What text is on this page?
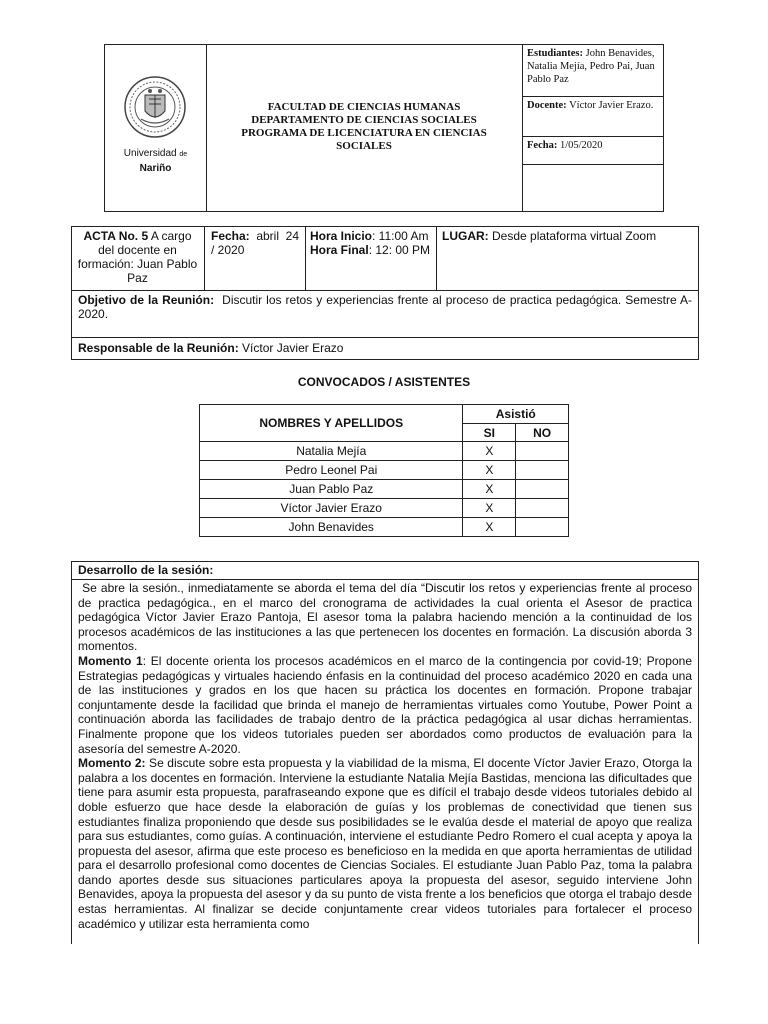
Universidad de
Nariño
FACULTAD DE CIENCIAS HUMANAS
DEPARTAMENTO DE CIENCIAS SOCIALES
PROGRAMA DE LICENCIATURA EN CIENCIAS
SOCIALES
Estudiantes: John Benavides, Natalia Mejía, Pedro Pai, Juan Pablo Paz
Docente: Víctor Javier Erazo.
Fecha: 1/05/2020
ACTA No. 5 A cargo del docente en formación: Juan Pablo Paz
Fecha: abril 24 / 2020
Hora Inicio: 11:00 Am
Hora Final: 12: 00 PM
LUGAR: Desde plataforma virtual Zoom
Objetivo de la Reunión: Discutir los retos y experiencias frente al proceso de practica pedagógica. Semestre A-2020.
Responsable de la Reunión: Víctor Javier Erazo
CONVOCADOS / ASISTENTES
NOMBRES Y APELLIDOS	Asistió	
	SI	NO
Natalia Mejía	X	
Pedro Leonel Pai	X	
Juan Pablo Paz	X	
Víctor Javier Erazo	X	
John Benavides	X	
Desarrollo de la sesión:

Se abre la sesión., inmediatamente se aborda el tema del día “Discutir los retos y experiencias frente al proceso de practica pedagógica., en el marco del cronograma de actividades la cual orienta el Asesor de practica pedagógica Víctor Javier Erazo Pantoja, El asesor toma la palabra haciendo mención a la continuidad de los procesos académicos de las instituciones a las que pertenecen los docentes en formación. La discusión aborda 3 momentos.

Momento 1: El docente orienta los procesos académicos en el marco de la contingencia por covid-19; Propone Estrategias pedagógicas y virtuales haciendo énfasis en la continuidad del proceso académico 2020 en cada una de las instituciones y grados en los que hacen su práctica los docentes en formación. Propone trabajar conjuntamente desde la facilidad que brinda el manejo de herramientas virtuales como Youtube, Power Point a continuación aborda las facilidades de trabajo dentro de la práctica pedagógica al usar dichas herramientas. Finalmente propone que los videos tutoriales pueden ser abordados como productos de evaluación para la asesoría del semestre A-2020.

Momento 2: Se discute sobre esta propuesta y la viabilidad de la misma, El docente Víctor Javier Erazo, Otorga la palabra a los docentes en formación. Interviene la estudiante Natalia Mejía Bastidas, menciona las dificultades que tiene para asumir esta propuesta, parafraseando expone que es difícil el trabajo desde videos tutoriales debido al doble esfuerzo que hace desde la elaboración de guías y los problemas de conectividad que tienen sus estudiantes finaliza proponiendo que desde sus posibilidades se le evalúa desde el material de apoyo que realiza para sus estudiantes, como guías. A continuación, interviene el estudiante Pedro Romero el cual acepta y apoya la propuesta del asesor, afirma que este proceso es beneficioso en la medida en que aporta herramientas de utilidad para el desarrollo profesional como docentes de Ciencias Sociales. El estudiante Juan Pablo Paz, toma la palabra dando aportes desde sus situaciones particulares apoya la propuesta del asesor, seguido interviene John Benavides, apoya la propuesta del asesor y da su punto de vista frente a los beneficios que otorga el trabajo desde estas herramientas. Al finalizar se decide conjuntamente crear videos tutoriales para fortalecer el proceso académico y utilizar esta herramienta como
